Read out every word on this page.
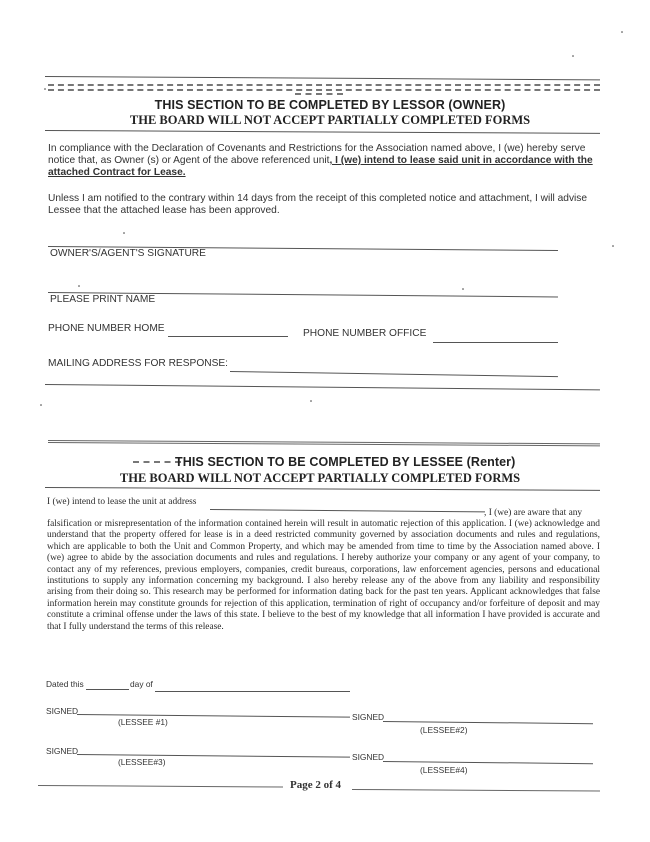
THIS SECTION TO BE COMPLETED BY LESSOR (OWNER)
THE BOARD WILL NOT ACCEPT PARTIALLY COMPLETED FORMS
In compliance with the Declaration of Covenants and Restrictions for the Association named above, I (we) hereby serve notice that, as Owner (s) or Agent of the above referenced unit, I (we) intend to lease said unit in accordance with the attached Contract for Lease.
Unless I am notified to the contrary within 14 days from the receipt of this completed notice and attachment, I will advise Lessee that the attached lease has been approved.
OWNER'S/AGENT'S SIGNATURE
PLEASE PRINT NAME
PHONE NUMBER HOME	PHONE NUMBER OFFICE
MAILING ADDRESS FOR RESPONSE:
THIS SECTION TO BE COMPLETED BY LESSEE (Renter)
THE BOARD WILL NOT ACCEPT PARTIALLY COMPLETED FORMS
I (we) intend to lease the unit at address
, I (we) are aware that any
falsification or misrepresentation of the information contained herein will result in automatic rejection of this application. I (we) acknowledge and understand that the property offered for lease is in a deed restricted community governed by association documents and rules and regulations, which are applicable to both the Unit and Common Property, and which may be amended from time to time by the Association named above. I (we) agree to abide by the association documents and rules and regulations. I hereby authorize your company or any agent of your company, to contact any of my references, previous employers, companies, credit bureaus, corporations, law enforcement agencies, persons and educational institutions to supply any information concerning my background. I also hereby release any of the above from any liability and responsibility arising from their doing so. This research may be performed for information dating back for the past ten years. Applicant acknowledges that false information herein may constitute grounds for rejection of this application, termination of right of occupancy and/or forfeiture of deposit and may constitute a criminal offense under the laws of this state. I believe to the best of my knowledge that all information I have provided is accurate and that I fully understand the terms of this release.
Dated this	day of
SIGNED
(LESSEE #1)	SIGNED
(LESSEE#2)
SIGNED
(LESSEE#3)	SIGNED
(LESSEE#4)
Page 2 of 4
